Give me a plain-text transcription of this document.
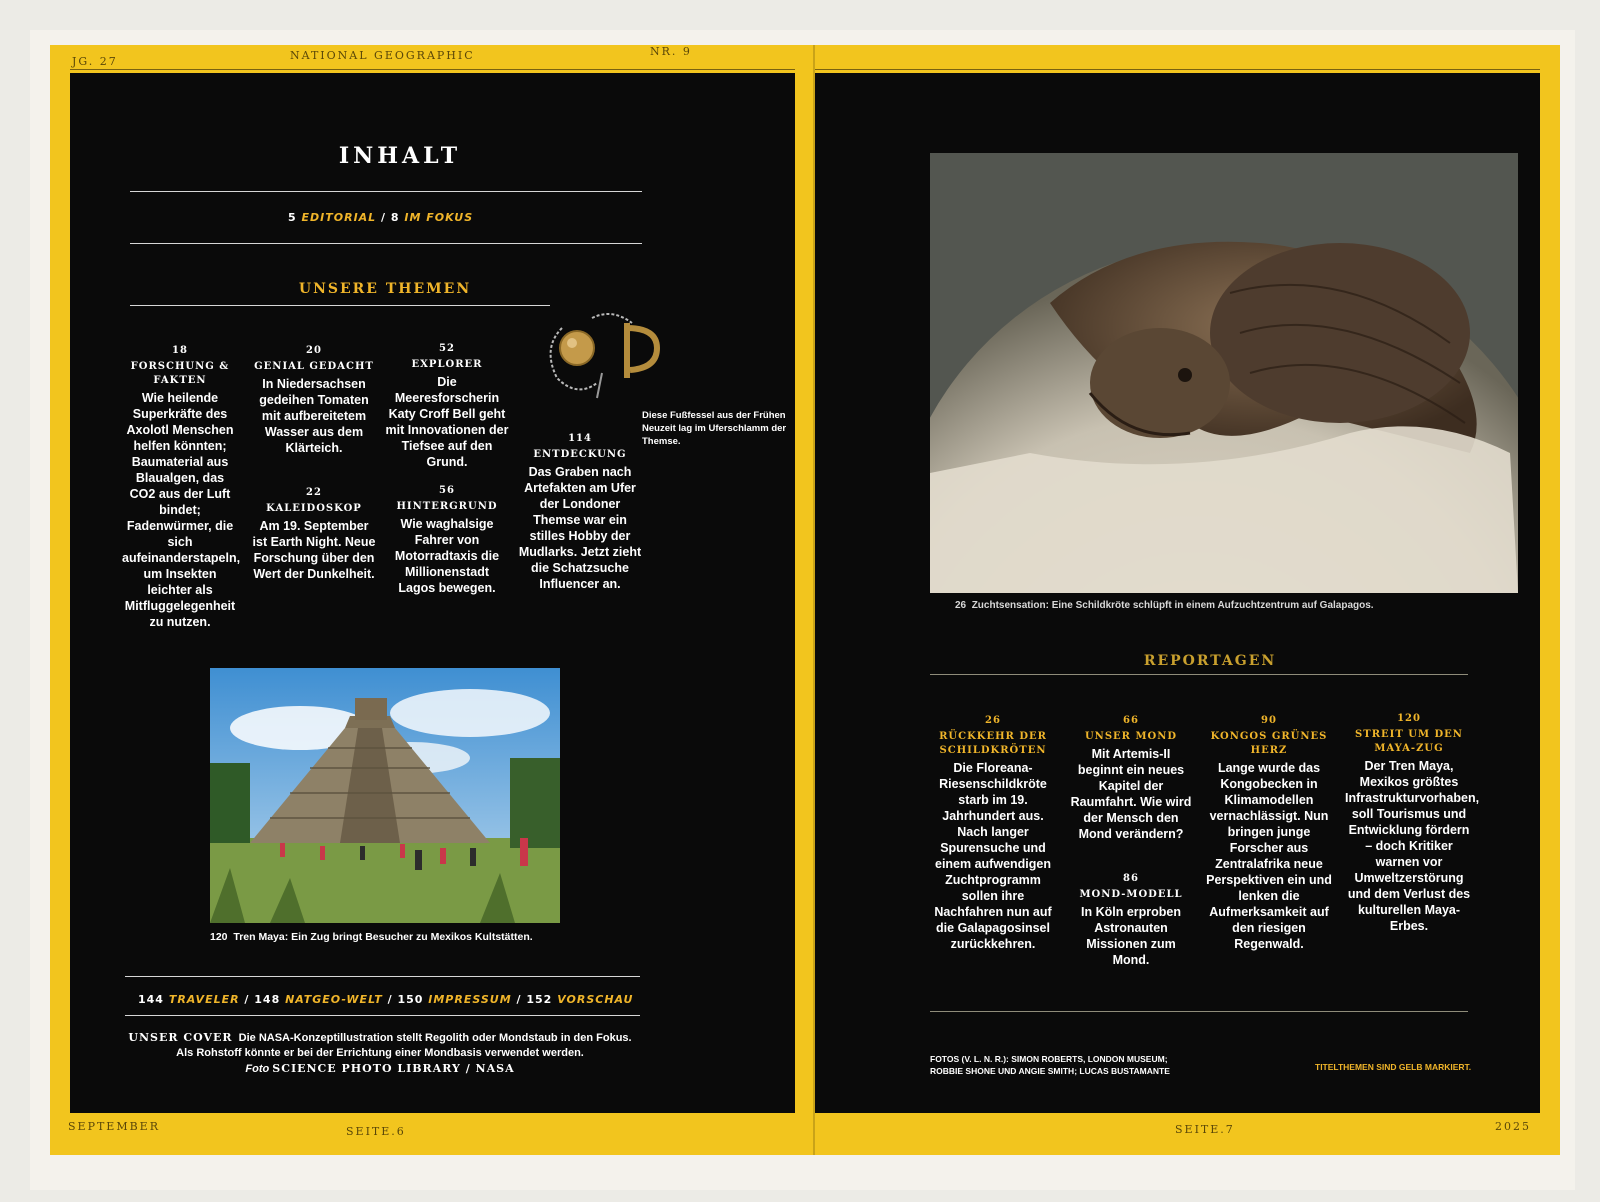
JG. 27	NATIONAL GEOGRAPHIC	NR. 9
INHALT
5 EDITORIAL / 8 IM FOKUS
UNSERE THEMEN
18
FORSCHUNG & FAKTEN
Wie heilende Superkräfte des Axolotl Menschen helfen könnten; Baumaterial aus Blaualgen, das CO2 aus der Luft bindet; Fadenwürmer, die sich aufeinanderstapeln, um Insekten leichter als Mitfluggelegenheit zu nutzen.
20
GENIAL GEDACHT
In Niedersachsen gedeihen Tomaten mit aufbereitetem Wasser aus dem Klärteich.
52
EXPLORER
Die Meeresforscherin Katy Croff Bell geht mit Innovationen der Tiefsee auf den Grund.
22
KALEIDOSKOP
Am 19. September ist Earth Night. Neue Forschung über den Wert der Dunkelheit.
56
HINTERGRUND
Wie waghalsige Fahrer von Motorradtaxis die Millionenstadt Lagos bewegen.
114
ENTDECKUNG
Das Graben nach Artefakten am Ufer der Londoner Themse war ein stilles Hobby der Mudlarks. Jetzt zieht die Schatzsuche Influencer an.
Diese Fußfessel aus der Frühen Neuzeit lag im Uferschlamm der Themse.
120 Tren Maya: Ein Zug bringt Besucher zu Mexikos Kultstätten.
144 TRAVELER / 148 NATGEO-WELT / 150 IMPRESSUM / 152 VORSCHAU
UNSER COVER Die NASA-Konzeptillustration stellt Regolith oder Mondstaub in den Fokus.
Als Rohstoff könnte er bei der Errichtung einer Mondbasis verwendet werden.
Foto SCIENCE PHOTO LIBRARY / NASA
SEPTEMBER	SEITE.6
26 Zuchtsensation: Eine Schildkröte schlüpft in einem Aufzuchtzentrum auf Galapagos.
REPORTAGEN
26
RÜCKKEHR DER SCHILDKRÖTEN
Die Floreana-Riesenschildkröte starb im 19. Jahrhundert aus. Nach langer Spurensuche und einem aufwendigen Zuchtprogramm sollen ihre Nachfahren nun auf die Galapagosinsel zurückkehren.
66
UNSER MOND
Mit Artemis-II beginnt ein neues Kapitel der Raumfahrt. Wie wird der Mensch den Mond verändern?
86
MOND-MODELL
In Köln erproben Astronauten Missionen zum Mond.
90
KONGOS GRÜNES HERZ
Lange wurde das Kongobecken in Klimamodellen vernachlässigt. Nun bringen junge Forscher aus Zentralafrika neue Perspektiven ein und lenken die Aufmerksamkeit auf den riesigen Regenwald.
120
STREIT UM DEN MAYA-ZUG
Der Tren Maya, Mexikos größtes Infrastrukturvorhaben, soll Tourismus und Entwicklung fördern – doch Kritiker warnen vor Umweltzerstörung und dem Verlust des kulturellen Maya-Erbes.
FOTOS (V. L. N. R.): SIMON ROBERTS, LONDON MUSEUM;
ROBBIE SHONE UND ANGIE SMITH; LUCAS BUSTAMANTE	TITELTHEMEN SIND GELB MARKIERT.
SEITE.7	2025
